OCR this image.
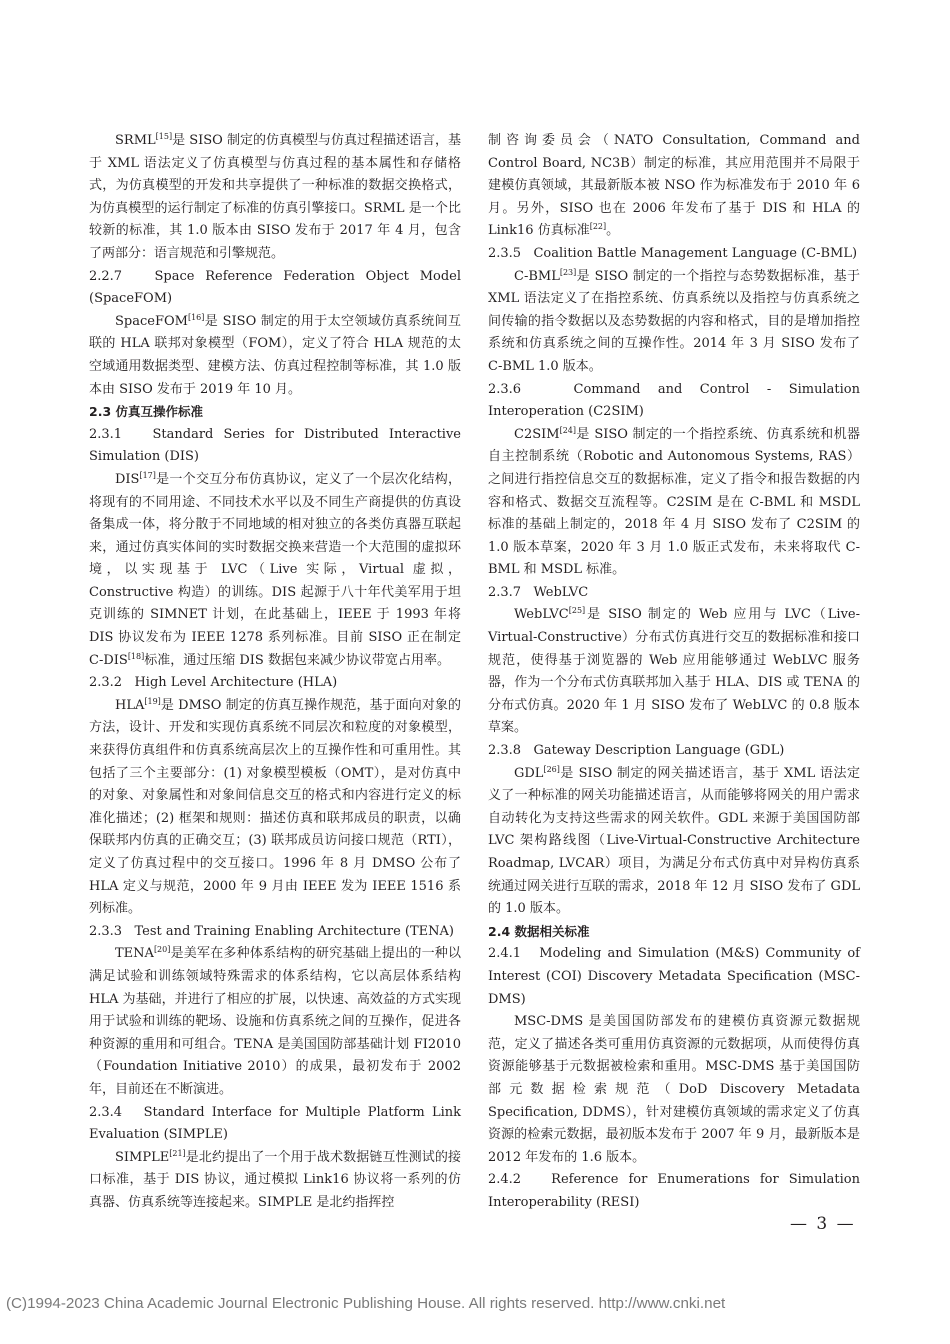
SRML[15]是 SISO 制定的仿真模型与仿真过程描述语言，基于 XML 语法定义了仿真模型与仿真过程的基本属性和存储格式，为仿真模型的开发和共享提供了一种标准的数据交换格式，为仿真模型的运行制定了标准的仿真引擎接口。SRML 是一个比较新的标准，其 1.0 版本由 SISO 发布于 2017 年 4 月，包含了两部分：语言规范和引擎规范。

2.2.7   Space Reference Federation Object Model (SpaceFOM)

SpaceFOM[16]是 SISO 制定的用于太空领域仿真系统间互联的 HLA 联邦对象模型（FOM），定义了符合 HLA 规范的太空域通用数据类型、建模方法、仿真过程控制等标准，其 1.0 版本由 SISO 发布于 2019 年 10 月。

2.3 仿真互操作标准

2.3.1   Standard Series for Distributed Interactive Simulation (DIS)

DIS[17]是一个交互分布仿真协议，定义了一个层次化结构，将现有的不同用途、不同技术水平以及不同生产商提供的仿真设备集成一体，将分散于不同地域的相对独立的各类仿真器互联起来，通过仿真实体间的实时数据交换来营造一个大范围的虚拟环境，以实现基于 LVC（Live 实际，Virtual 虚拟，Constructive 构造）的训练。DIS 起源于八十年代美军用于坦克训练的 SIMNET 计划，在此基础上，IEEE 于 1993 年将 DIS 协议发布为 IEEE 1278 系列标准。目前 SISO 正在制定 C-DIS[18]标准，通过压缩 DIS 数据包来减少协议带宽占用率。

2.3.2   High Level Architecture (HLA)

HLA[19]是 DMSO 制定的仿真互操作规范，基于面向对象的方法，设计、开发和实现仿真系统不同层次和粒度的对象模型，来获得仿真组件和仿真系统高层次上的互操作性和可重用性。其包括了三个主要部分：(1) 对象模型模板（OMT），是对仿真中的对象、对象属性和对象间信息交互的格式和内容进行定义的标准化描述；(2) 框架和规则：描述仿真和联邦成员的职责，以确保联邦内仿真的正确交互；(3) 联邦成员访问接口规范（RTI），定义了仿真过程中的交互接口。1996 年 8 月 DMSO 公布了 HLA 定义与规范，2000 年 9 月由 IEEE 发为 IEEE 1516 系列标准。

2.3.3   Test and Training Enabling Architecture (TENA)

TENA[20]是美军在多种体系结构的研究基础上提出的一种以满足试验和训练领域特殊需求的体系结构，它以高层体系结构 HLA 为基础，并进行了相应的扩展，以快速、高效益的方式实现用于试验和训练的靶场、设施和仿真系统之间的互操作，促进各种资源的重用和可组合。TENA 是美国国防部基础计划 FI2010（Foundation Initiative 2010）的成果，最初发布于 2002 年，目前还在不断演进。

2.3.4   Standard Interface for Multiple Platform Link Evaluation (SIMPLE)

SIMPLE[21]是北约提出了一个用于战术数据链互性测试的接口标准，基于 DIS 协议，通过模拟 Link16 协议将一系列的仿真器、仿真系统等连接起来。SIMPLE 是北约指挥控

制咨询委员会（NATO Consultation, Command and Control Board, NC3B）制定的标准，其应用范围并不局限于建模仿真领域，其最新版本被 NSO 作为标准发布于 2010 年 6 月。另外，SISO 也在 2006 年发布了基于 DIS 和 HLA 的 Link16 仿真标准[22]。

2.3.5   Coalition Battle Management Language (C-BML)

C-BML[23]是 SISO 制定的一个指控与态势数据标准，基于 XML 语法定义了在指控系统、仿真系统以及指控与仿真系统之间传输的指令数据以及态势数据的内容和格式，目的是增加指控系统和仿真系统之间的互操作性。2014 年 3 月 SISO 发布了 C-BML 1.0 版本。

2.3.6   Command and Control - Simulation Interoperation (C2SIM)

C2SIM[24]是 SISO 制定的一个指控系统、仿真系统和机器自主控制系统（Robotic and Autonomous Systems, RAS）之间进行指控信息交互的数据标准，定义了指令和报告数据的内容和格式、数据交互流程等。C2SIM 是在 C-BML 和 MSDL 标准的基础上制定的，2018 年 4 月 SISO 发布了 C2SIM 的 1.0 版本草案，2020 年 3 月 1.0 版正式发布，未来将取代 C-BML 和 MSDL 标准。

2.3.7   WebLVC

WebLVC[25]是 SISO 制定的 Web 应用与 LVC（Live-Virtual-Constructive）分布式仿真进行交互的数据标准和接口规范，使得基于浏览器的 Web 应用能够通过 WebLVC 服务器，作为一个分布式仿真联邦加入基于 HLA、DIS 或 TENA 的分布式仿真。2020 年 1 月 SISO 发布了 WebLVC 的 0.8 版本草案。

2.3.8   Gateway Description Language (GDL)

GDL[26]是 SISO 制定的网关描述语言，基于 XML 语法定义了一种标准的网关功能描述语言，从而能够将网关的用户需求自动转化为支持这些需求的网关软件。GDL 来源于美国国防部 LVC 架构路线图（Live-Virtual-Constructive Architecture Roadmap, LVCAR）项目，为满足分布式仿真中对异构仿真系统通过网关进行互联的需求，2018 年 12 月 SISO 发布了 GDL 的 1.0 版本。

2.4 数据相关标准

2.4.1   Modeling and Simulation (M&S) Community of Interest (COI) Discovery Metadata Specification (MSC-DMS)

MSC-DMS 是美国国防部发布的建模仿真资源元数据规范，定义了描述各类可重用仿真资源的元数据项，从而使得仿真资源能够基于元数据被检索和重用。MSC-DMS 基于美国国防部元数据检索规范（DoD Discovery Metadata Specification, DDMS），针对建模仿真领域的需求定义了仿真资源的检索元数据，最初版本发布于 2007 年 9 月，最新版本是 2012 年发布的 1.6 版本。

2.4.2   Reference for Enumerations for Simulation Interoperability (RESI)

— 3 —
(C)1994-2023 China Academic Journal Electronic Publishing House. All rights reserved. http://www.cnki.net
